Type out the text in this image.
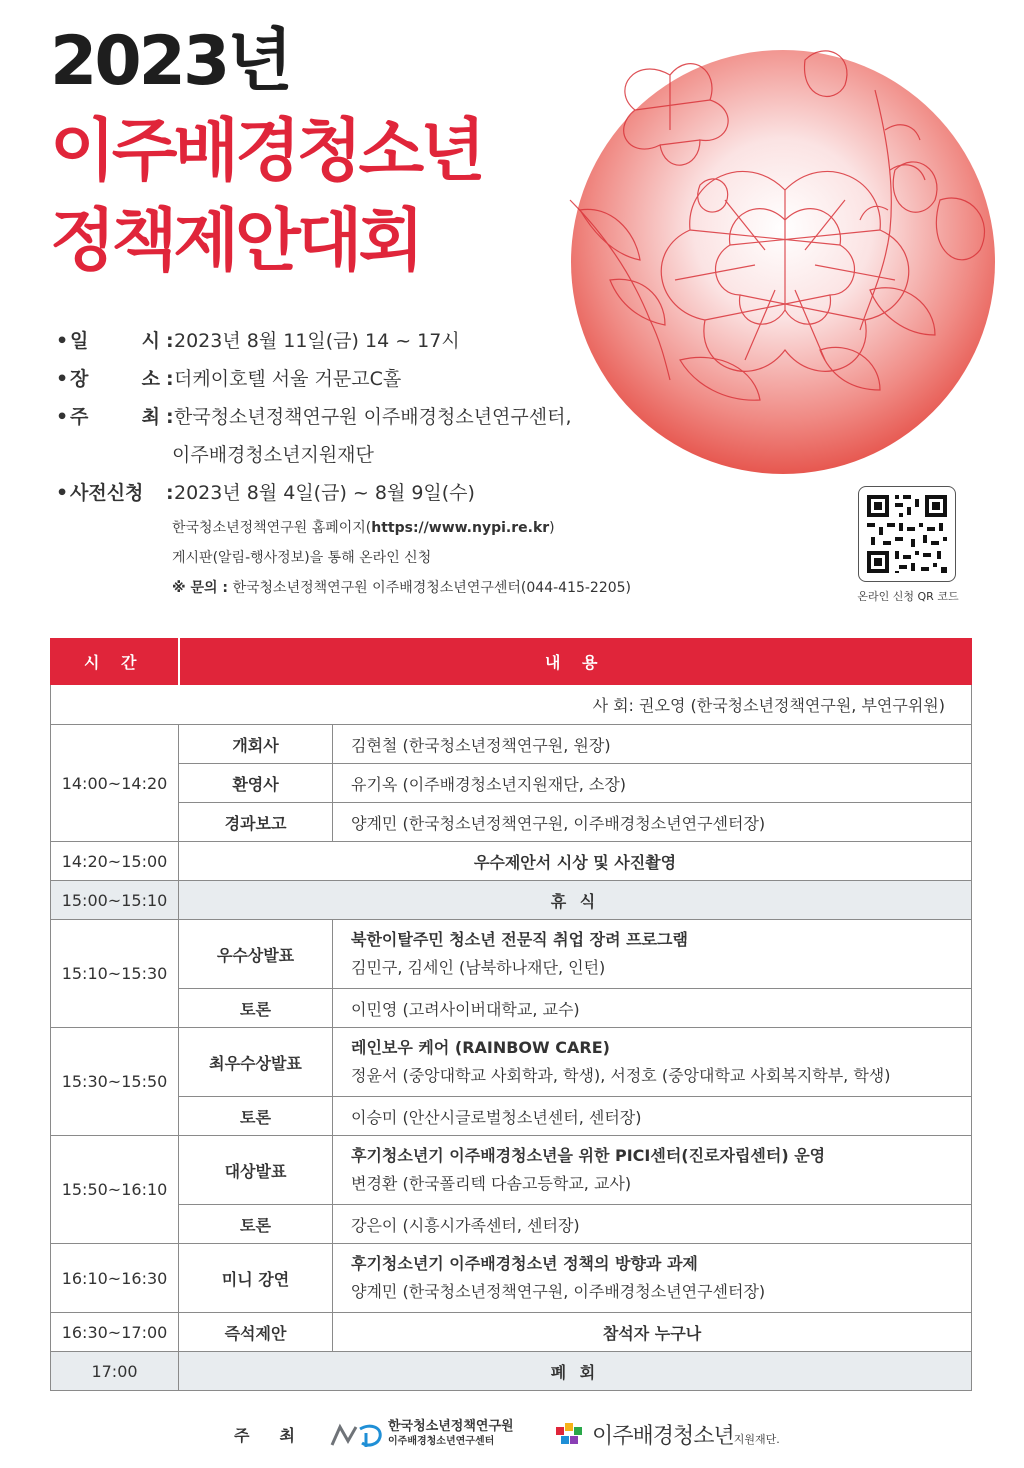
2023년
이주배경청소년
정책제안대회
• 일	시 : 2023년 8월 11일(금) 14 ~ 17시
• 장	소 : 더케이호텔 서울 거문고C홀
• 주	최 : 한국청소년정책연구원 이주배경청소년연구센터,
이주배경청소년지원재단
• 사전신청 : 2023년 8월 4일(금) ~ 8월 9일(수)
한국청소년정책연구원 홈페이지(https://www.nypi.re.kr)
게시판(알림-행사정보)을 통해 온라인 신청
※ 문의 : 한국청소년정책연구원 이주배경청소년연구센터(044-415-2205)
온라인 신청 QR 코드
시 간	내 용	
사 회: 권오영 (한국청소년정책연구원, 부연구위원)		
14:00~14:20	개회사	김현철 (한국청소년정책연구원, 원장)
	환영사	유기옥 (이주배경청소년지원재단, 소장)
	경과보고	양계민 (한국청소년정책연구원, 이주배경청소년연구센터장)
14:20~15:00	우수제안서 시상 및 사진촬영	
15:00~15:10	휴 식	
15:10~15:30	우수상발표	북한이탈주민 청소년 전문직 취업 장려 프로그램
김민구, 김세인 (남북하나재단, 인턴)

	토론	이민영 (고려사이버대학교, 교수)
15:30~15:50	최우수상발표	레인보우 케어 (RAINBOW CARE)
정윤서 (중앙대학교 사회학과, 학생), 서정호 (중앙대학교 사회복지학부, 학생)

	토론	이승미 (안산시글로벌청소년센터, 센터장)
15:50~16:10	대상발표	후기청소년기 이주배경청소년을 위한 PICI센터(진로자립센터) 운영
변경환 (한국폴리텍 다솜고등학교, 교사)

	토론	강은이 (시흥시가족센터, 센터장)
16:10~16:30	미니 강연	후기청소년기 이주배경청소년 정책의 방향과 과제
양계민 (한국청소년정책연구원, 이주배경청소년연구센터장)

16:30~17:00	즉석제안	참석자 누구나
17:00	폐 회	
주최	한국청소년정책연구원
이주배경청소년연구센터	이주배경청소년지원재단.
